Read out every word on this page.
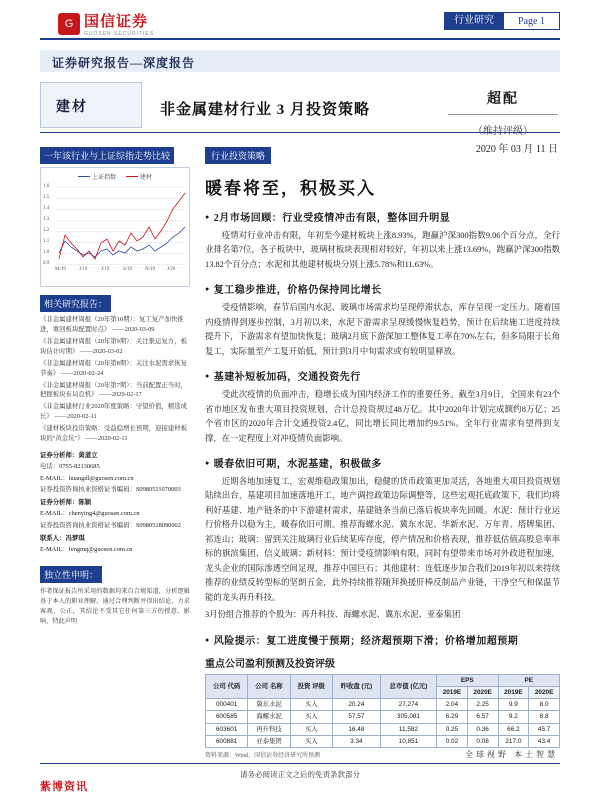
G 国信证券
GUOSEN SECURITIES
行业研究	Page 1
证券研究报告—深度报告
建材	非金属建材行业 3 月投资策略
超配
（维持评级）
2020 年 03 月 11 日
一年该行业与上证综指走势比较
上证指数	建材
1.6
1.5
1.4
1.3
1.2
1.1
1.0
0.9
M/19	J/19	J/19	S/19	N/19 J/20
相关研究报告：

《非金属建材周报（20年第10期）：复工复产加快推进，重回板块配置时点》 ——2020-03-09

《非金属建材周报（20年第9期）：关注集运复方，板块估计时期》 ——2020-03-02

《非金属建材周报（20年第8期）：关注水泥需求恢复节奏》 ——2020-02-24

《非金属建材周报（20年第7期）：当前配置正当时，把握板块布局良机》 ——2020-02-17

《非金属建材行业2020年度策略：守望价值，精选成长》 ——2020-02-11

《建材板块投资策略：受益稳增长预期，迎接建材板块的"黄金坑"》 ——2020-02-11

证券分析师：黄道立

电话：0755-82130685

E-MAIL：huangdl@guosen.com.cn

证券投资咨询执业资格证书编码：S0980511070003

证券分析师：陈颖

E-MAIL：chenying4@guosen.com.cn

证券投资咨询执业资格证书编码：S0980518090002

联系人：冯梦琪

E-MAIL：fengmq@guosen.com.cn

独立性申明：
作者保证报告所采用的数据均来自合规渠道，分析逻辑基于本人的职业理解，通过合理判断并得出结论，力求客观、公正，其结论不受其它任何第三方的授意、影响，特此声明
行业投资策略
暖春将至，积极买入
● 2月市场回顾：行业受疫情冲击有限，整体回升明显

疫情对行业冲击有限，年初至今建材板块上涨8.93%，跑赢沪深300指数9.06个百分点，全行业排名第7位，各子板块中，玻璃材板块表现相对较好，年初以来上涨13.69%，跑赢沪深300指数13.82个百分点；水泥和其他建材板块分别上涨5.78%和11.63%。

● 复工稳步推进，价格仍保持同比增长

受疫情影响，春节后国内水泥、玻璃市场需求均呈现停滞状态，库存呈现一定压力。随着国内疫情得到逐步控制，3月初以来，水泥下游需求呈现缓慢恢复趋势，预计在后续施工进度持续提升下，下游需求有望加快恢复；玻璃2月底下游深加工整体复工率在70%左右，但多局限于长角复工，实际量至产工复开始低，预计到3月中旬需求或有较明显释放。

● 基建补短板加码，交通投资先行

受此次疫情的负面冲击，稳增长成为国内经济工作的重要任务。截至3月9日，全国来有23个省市地区发布重大项目投资规划，合计总投资规过48万亿。其中2020年计划完成额约8万亿；25个省市区的2020年合计交通投资2.4亿，同比增长同比增加约9.51%。全年行业需求有望得到支撑，在一定程度上对冲疫情负面影响。

● 暖春依旧可期，水泥基建，积极做多

近期各地加速复工，宏观维稳政策加出，稳健的货币政策更加灵活，各地重大项目投资规划陆续出台，基建项目加速落地开工，地产调控政策边际调整等，这些宏观托底政策下，我们均将利好基建、地产链条的中下游建材需求，基建链条当前已落后板块率先回暖。水泥：预计行业运行价格升以稳为主，暖春依旧可期。推荐海螺水泥、冀东水泥、华新水泥、万年青、塔牌集团、祁连山；玻璃：留到关注玻璃行业后续某库存度，停产情况和价格表现，推荐低估值高股息率率标的旗滨集团、信义玻璃；新材料：预计受疫情影响有限，同时有望带来市场对外政进程加速，龙头企业的国际渗透空间足现，推荐中国巨石；其他建材：连低逐步加合我们2019年初以来持续推荐的业绩反转型标的坚朗五金，此外持续推荐随拜换援肝棒反制品产业链，干净空气和保温节能的龙头再升科技。

3月份组合推荐的个股为：再升科技、海螺水泥、冀东水泥、亚泰集团

● 风险提示：复工进度慢于预期；经济超预期下滑；价格增加超预期
重点公司盈利预测及投资评级
公司 代码	公司 名称	投资 评级	昨收盘 (元)	总市值 (亿元)	EPS		PE	
					2019E	2020E	2019E	2020E
000401	冀东水泥	买入	20.24	27,274	2.04	2.25	9.9	8.0
600585	海螺水泥	买入	57.57	305,081	6.29	6.57	9.2	8.8
603601	再升科技	买入	16.48	11,582	0.25	0.36	66.2	45.7
600881	亚泰集团	买入	3.34	10,851	0.02	0.08	217.0	43.4
资料来源：Wind、国信证券经济研究所预测	全球视野 本土智慧
请务必阅读正文之后的免责条款部分
紫博资讯
